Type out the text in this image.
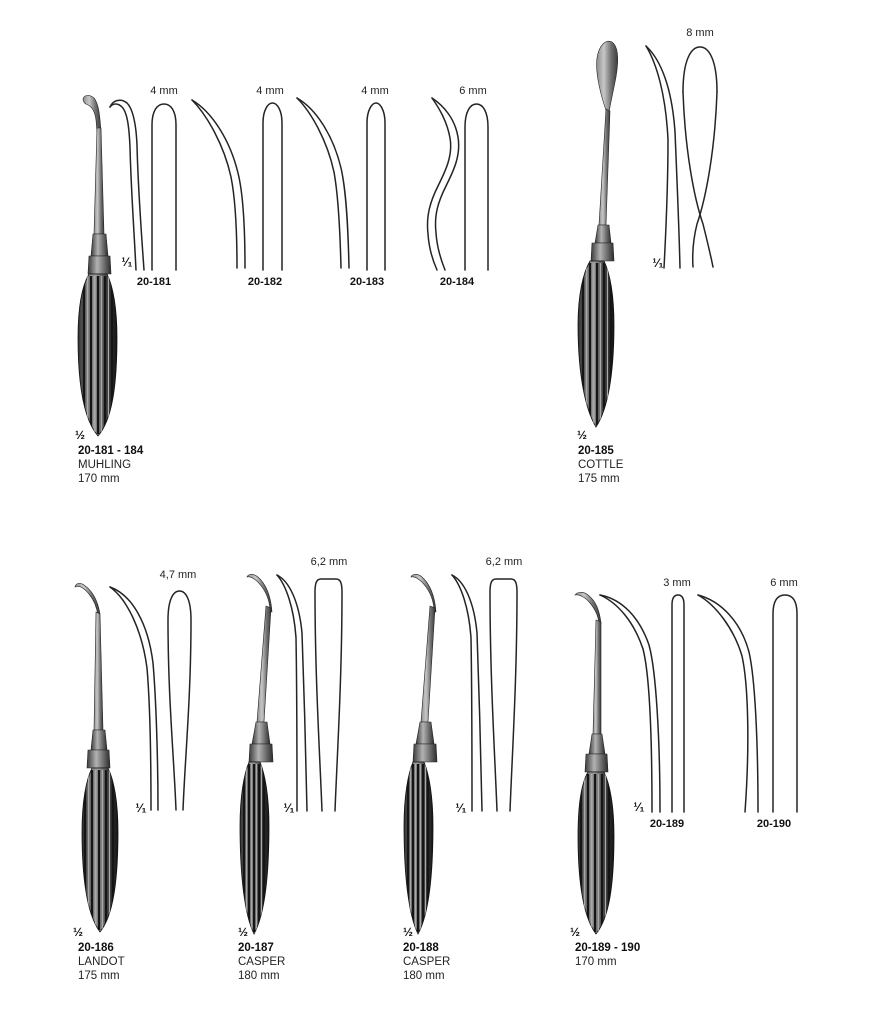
4 mm	4 mm	4 mm	6 mm
¹⁄₁
20-181	20-182	20-183	20-184
½
20-181 - 184
MUHLING
170 mm
8 mm
¹⁄₁
½
20-185
COTTLE
175 mm
4,7 mm
¹⁄₁
½
20-186
LANDOT
175 mm
6,2 mm
¹⁄₁
½
20-187
CASPER
180 mm
6,2 mm
¹⁄₁
½
20-188
CASPER
180 mm
3 mm	6 mm
¹⁄₁
20-189	20-190
½
20-189 - 190
170 mm
